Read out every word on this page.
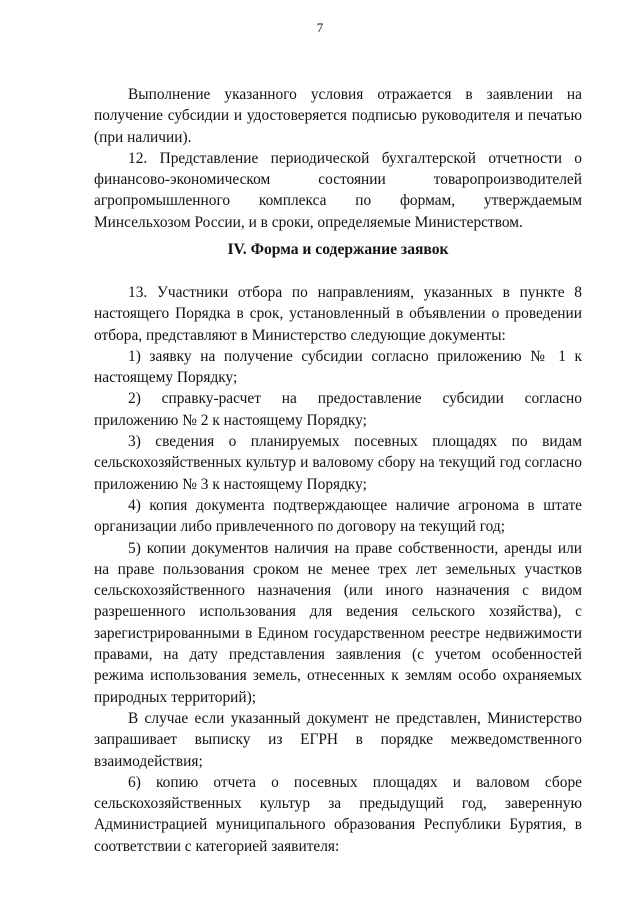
7

Выполнение указанного условия отражается в заявлении на получение субсидии и удостоверяется подписью руководителя и печатью (при наличии).

12. Представление периодической бухгалтерской отчетности о финансово-экономическом состоянии товаропроизводителей агропромышленного комплекса по формам, утверждаемым Минсельхозом России, и в сроки, определяемые Министерством.

IV. Форма и содержание заявок

13. Участники отбора по направлениям, указанных в пункте 8 настоящего Порядка в срок, установленный в объявлении о проведении отбора, представляют в Министерство следующие документы:

1) заявку на получение субсидии согласно приложению № 1 к настоящему Порядку;

2) справку-расчет на предоставление субсидии согласно приложению № 2 к настоящему Порядку;

3) сведения о планируемых посевных площадях по видам сельскохозяйственных культур и валовому сбору на текущий год согласно приложению № 3 к настоящему Порядку;

4) копия документа подтверждающее наличие агронома в штате организации либо привлеченного по договору на текущий год;

5) копии документов наличия на праве собственности, аренды или на праве пользования сроком не менее трех лет земельных участков сельскохозяйственного назначения (или иного назначения с видом разрешенного использования для ведения сельского хозяйства), с зарегистрированными в Едином государственном реестре недвижимости правами, на дату представления заявления (с учетом особенностей режима использования земель, отнесенных к землям особо охраняемых природных территорий);

В случае если указанный документ не представлен, Министерство запрашивает выписку из ЕГРН в порядке межведомственного взаимодействия;

6) копию отчета о посевных площадях и валовом сборе сельскохозяйственных культур за предыдущий год, заверенную Администрацией муниципального образования Республики Бурятия, в соответствии с категорией заявителя:
